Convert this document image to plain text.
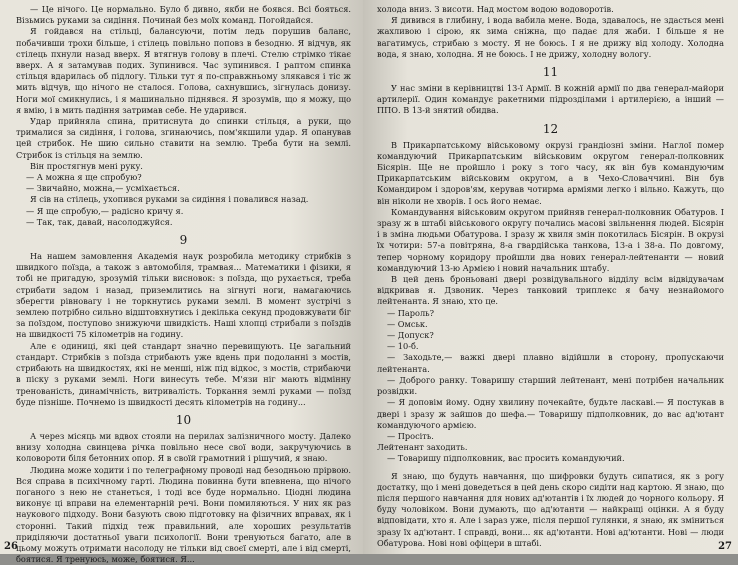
— Це нічого. Це нормально. Було б дивно, якби не боявся. Всі бояться. Візьмись руками за сидіння. Починай без моїх команд. Погойдайся.

Я гойдався на стільці, балансуючи, потім ледь порушив баланс, побачивши трохи більше, і стілець повільно поповз в безодню. Я відчув, як стілець пхнули назад вверх. Я втягнув голову в плечі. Стелю стрімко тікає вверх. А я затамував подих. Зупинився. Час зупинився. І раптом спинка стільця вдарилась об підлогу. Тільки тут я по-справжньому злякався і тіс ж мить відчув, що нічого не сталося. Голова, сахнувшись, зігнулась донизу. Ноги мої смикнулись, і я машинально піднявся. Я зрозумів, що я можу, що я вмію, і в мить падіння затримав себе. Не ударився.

Удар прийняла спина, притиснута до спинки стільця, а руки, що трималися за сидіння, і голова, згинаючись, пом'якшили удар. Я опанував цей стрибок. Не шию сильно ставити на землю. Треба бути на землі. Стрибок із стільця на землю.

Він простягнув мені руку.

— А можна я ще спробую?

— Звичайно, можна,— усміхається.

Я сів на стілець, ухопився руками за сидіння і повалився назад.

— Я ще спробую,— радісно кричу я.

— Так, так, давай, насолоджуйся.

9

На нашем замовлення Академія наук розробила методику стрибків з швидкого поїзда, а також з автомобіля, трамвая... Математики і фізики, я тобі не пригадую, зрозумій тільки висновок: з поїзда, що рухається, треба стрибати задом і назад, приземлитись на зігнуті ноги, намагаючись зберегти рівновагу і не торкнутись руками землі. В момент зустрічі з землею потрібно сильно відштовхнутись і декілька секунд продовжувати біг за поїздом, поступово знижуючи швидкість. Наші хлопці стрибали з поїздів на швидкості 75 кілометрів на годину.

Але є одиниці, які цей стандарт значно перевищують. Це загальний стандарт. Стрибків з поїзда стрибають уже вдень при подоланні з мостів, стрибають на швидкостях, які не менші, ніж під відкос, з мостів, стрибаючи в піску з руками землі. Ноги винесуть тебе. М'язи ніг мають відмінну тренованість, динамічність, витривалість. Торкання землі руками — поїзд буде пізніше. Почнемо із швидкості десять кілометрів на годину...

10

А через місяць ми вдвох стояли на перилах залізничного мосту. Далеко внизу холодна свинцева річка повільно несе свої води, закручуючись в коловороти біля бетонних опор. Я в своїй грамотний і рішучий, я знаю.

Людина може ходити і по телеграфному проводі над безодньою прірвою. Вся справа в психічному гарті. Людина повинна бути впевнена, що нічого поганого з нею не станеться, і тоді все буде нормально. Ціодні людина виконує ці вправи на елементарній речі. Вони помиляються. У них як раз наукового підходу. Вони базують свою підготовку на фізичних вправах, як і сторонні. Такий підхід теж правильний, але хороших результатів приділяючи достатньої уваги психології. Вони тренуються багато, але в цьому можуть отримати насолоду не тільки від своєї смерті, але і від смерті, боятися. Я тренуюсь, може, боятися. Я...

26

холода вниз. З висоти. Над мостом водою водоворотів.

Я дивився в глибину, і вода вабила мене. Вода, здавалось, не здасться мені жахливою і сірою, як зима сніжна, що падає для жаби. І більше я не вагатимусь, стрибаю з мосту. Я не боюсь. І я не дрижу від холоду. Холодна вода, я знаю, холодна. Я не боюсь. І не дрижу, холодну вологу.

11

У нас зміни в керівництві 13-ї Армії. В кожній армії по два генерал-майори артилерії. Один командує ракетними підрозділами і артилерією, а інший — ППО. В 13-й знятий обидва.

12

В Прикарпатському військовому окрузі грандіозні зміни. Наглої помер командуючий Прикарпатським військовим округом генерал-полковник Бісярін. Ще не пройшло і року з того часу, як він був командуючим Прикарпатським військовим округом, а в Чехо-Словаччині. Він був Командиром і здоров'ям, керував чотирма арміями легко і вільно. Кажуть, що він ніколи не хворів. І ось його немає.

Командування військовим округом прийняв генерал-полковник Обатуров. І зразу ж в штабі військового округу почались масові звільнення людей. Бісярін і в зміна людьми Обатурова. І зразу ж хвиля змін покотилась Бісярін. В окрузі їх чотири: 57-а повітряна, 8-а гвардійська танкова, 13-а і 38-а. По довгому, тепер чорному коридору пройшли два нових генерал-лейтенанти — новий командуючий 13-ю Армією і новий начальник штабу.

В цей день броньовані двері розвідувального відділу всім відвідувачам відкривав я. Дзвоник. Через танковий триплекс я бачу незнайомого лейтенанта. Я знаю, хто це.

— Пароль?

— Омськ.

— Допуск?

— 10-б.

— Заходьте,— важкі двері плавно відійшли в сторону, пропускаючи лейтенанта.

— Доброго ранку. Товаришу старший лейтенант, мені потрібен начальник розвідки.

— Я доповім йому. Одну хвилину почекайте, будьте ласкаві.— Я постукав в двері і зразу ж зайшов до шефа.— Товаришу підполковник, до вас ад'ютант командуючого армією.

— Просіть.

Лейтенант заходить.

— Товаришу підполковник, вас просить командуючий.

Я знаю, що будуть навчання, що шифровки будуть сипатися, як з рогу достатку, що і мені доведеться в цей день скоро сидіти над картою. Я знаю, що після першого навчання для нових ад'ютантів і їх людей до чорного кольору. Я буду чоловіком. Вони думають, що ад'ютанти — найкращі оцінки. А я буду відповідати, хто я. Але і зараз уже, після першої гулянки, я знаю, як зміниться зразу їх ад'ютант. І справді, вони... як ад'ютанти. Нові ад'ютанти. Нові — люди Обатурова. Нові нові офіцери в штабі.	27
